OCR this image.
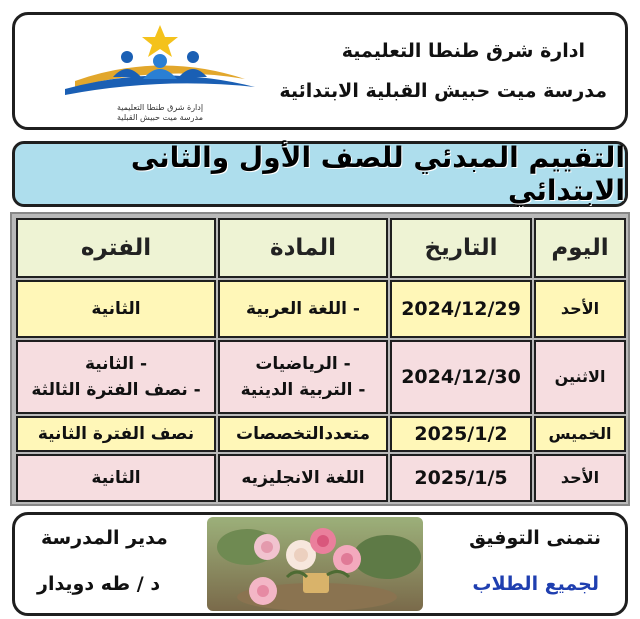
إدارة شرق طنطا التعليمية
مدرسة ميت حبيش القبلية
ادارة شرق طنطا التعليمية
مدرسة ميت حبيش القبلية الابتدائية
التقييم المبدئي للصف الأول والثانى الابتدائي
اليوم
التاريخ
المادة
الفتره
الأحد
2024/12/29
- اللغة العربية
الثانية
الاثنين
2024/12/30
- الرياضيات
- التربية الدينية
- الثانية
- نصف الفترة الثالثة
الخميس
2025/1/2
متعددالتخصصات
نصف الفترة الثانية
الأحد
2025/1/5
اللغة الانجليزيه
الثانية
نتمنى التوفيق
لجميع الطلاب
مدير المدرسة
د / طه دويدار
